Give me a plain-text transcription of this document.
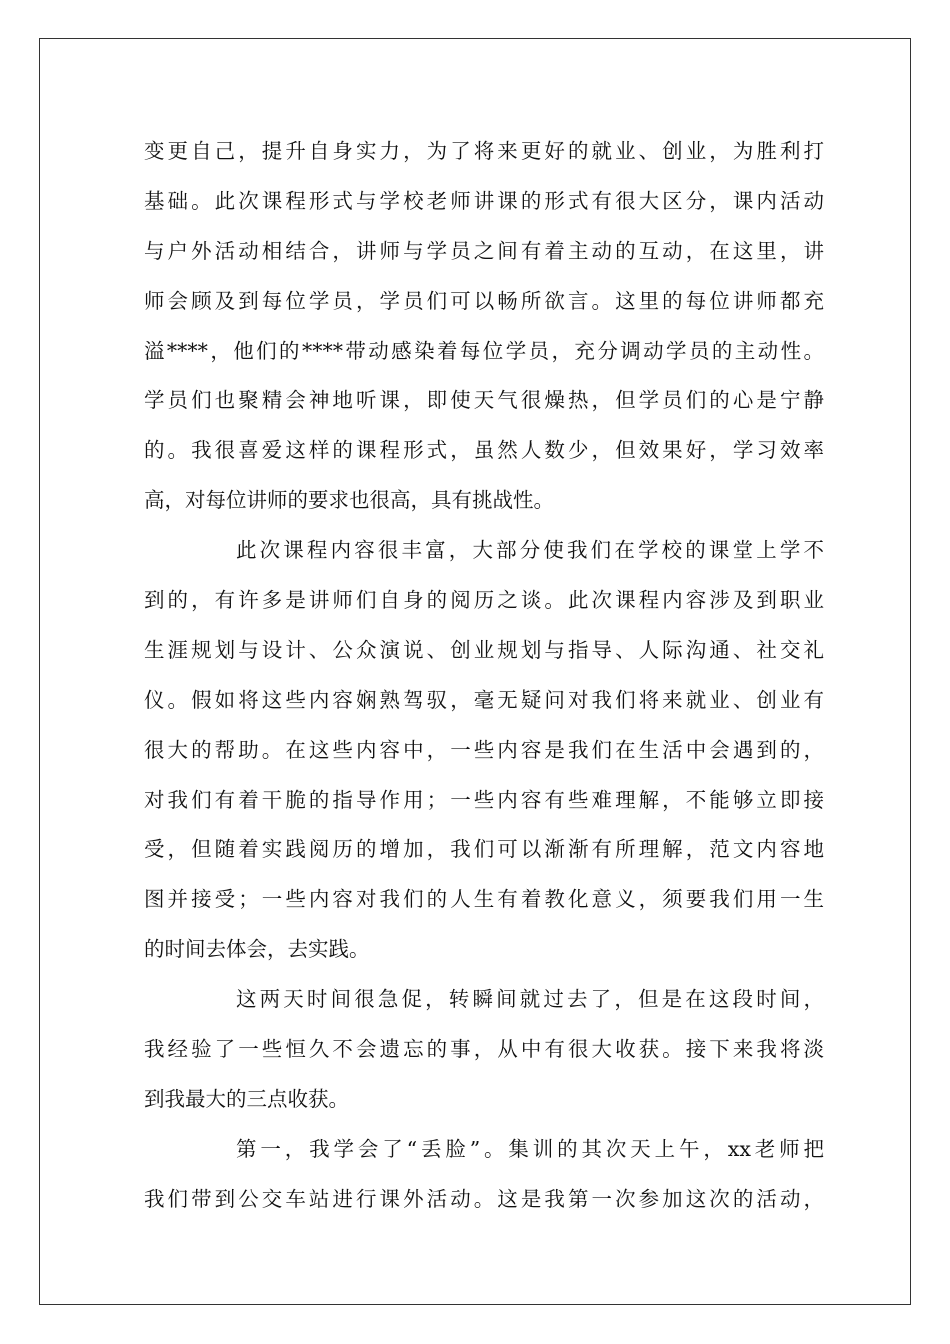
变更自己，提升自身实力，为了将来更好的就业、创业，为胜利打

基础。此次课程形式与学校老师讲课的形式有很大区分，课内活动

与户外活动相结合，讲师与学员之间有着主动的互动，在这里，讲

师会顾及到每位学员，学员们可以畅所欲言。这里的每位讲师都充

溢****，他们的****带动感染着每位学员，充分调动学员的主动性。

学员们也聚精会神地听课，即使天气很燥热，但学员们的心是宁静

的。我很喜爱这样的课程形式，虽然人数少，但效果好，学习效率

高，对每位讲师的要求也很高，具有挑战性。

此次课程内容很丰富，大部分使我们在学校的课堂上学不

到的，有许多是讲师们自身的阅历之谈。此次课程内容涉及到职业

生涯规划与设计、公众演说、创业规划与指导、人际沟通、社交礼

仪。假如将这些内容娴熟驾驭，毫无疑问对我们将来就业、创业有

很大的帮助。在这些内容中，一些内容是我们在生活中会遇到的，

对我们有着干脆的指导作用；一些内容有些难理解，不能够立即接

受，但随着实践阅历的增加，我们可以渐渐有所理解，范文内容地

图并接受；一些内容对我们的人生有着教化意义，须要我们用一生

的时间去体会，去实践。

这两天时间很急促，转瞬间就过去了，但是在这段时间，

我经验了一些恒久不会遗忘的事，从中有很大收获。接下来我将淡

到我最大的三点收获。

第一，我学会了“丢脸”。集训的其次天上午，xx老师把

我们带到公交车站进行课外活动。这是我第一次参加这次的活动，
